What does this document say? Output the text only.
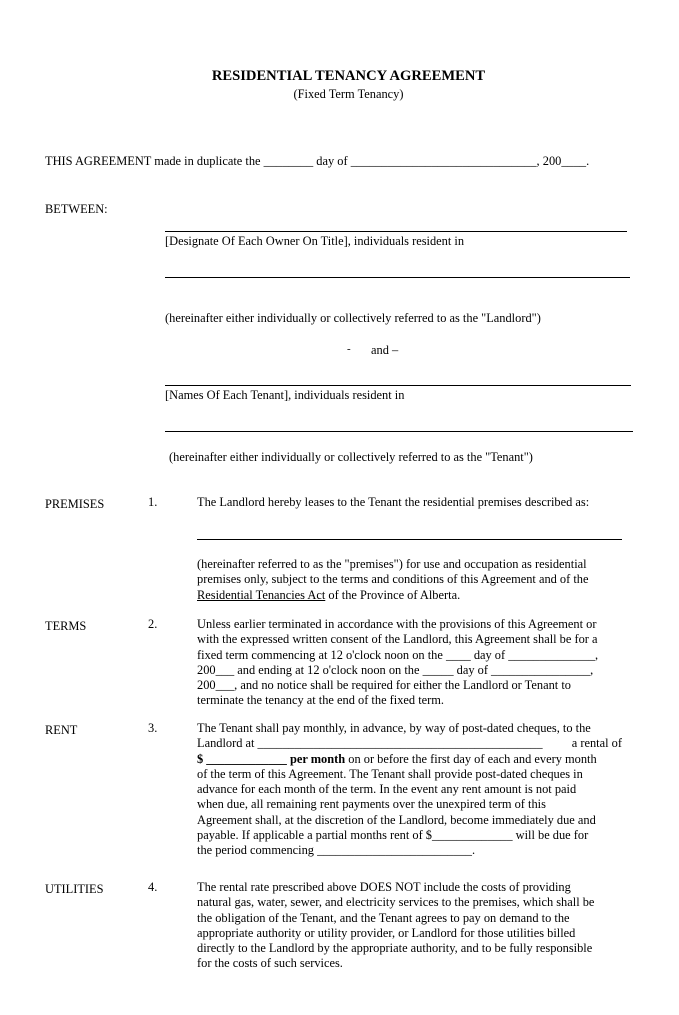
RESIDENTIAL TENANCY AGREEMENT
(Fixed Term Tenancy)
THIS AGREEMENT made in duplicate the ________ day of ______________________________, 200____.
BETWEEN:
[Designate Of Each Owner On Title], individuals resident in
(hereinafter either individually or collectively referred to as the "Landlord")
- and –
[Names Of Each Tenant], individuals resident in
(hereinafter either individually or collectively referred to as the "Tenant")
PREMISES	1.	The Landlord hereby leases to the Tenant the residential premises described as:
(hereinafter referred to as the "premises") for use and occupation as residential
premises only, subject to the terms and conditions of this Agreement and of the
Residential Tenancies Act of the Province of Alberta.
TERMS	2.	Unless earlier terminated in accordance with the provisions of this Agreement or
with the expressed written consent of the Landlord, this Agreement shall be for a
fixed term commencing at 12 o'clock noon on the ____ day of ______________,
200___ and ending at 12 o'clock noon on the _____ day of ________________,
200___, and no notice shall be required for either the Landlord or Tenant to
terminate the tenancy at the end of the fixed term.
RENT	3.	The Tenant shall pay monthly, in advance, by way of post-dated cheques, to the
Landlord at ______________________________________________ a rental of
$ _____________ per month on or before the first day of each and every month
of the term of this Agreement. The Tenant shall provide post-dated cheques in
advance for each month of the term. In the event any rent amount is not paid
when due, all remaining rent payments over the unexpired term of this
Agreement shall, at the discretion of the Landlord, become immediately due and
payable. If applicable a partial months rent of $_____________ will be due for
the period commencing _________________________.
UTILITIES	4.	The rental rate prescribed above DOES NOT include the costs of providing
natural gas, water, sewer, and electricity services to the premises, which shall be
the obligation of the Tenant, and the Tenant agrees to pay on demand to the
appropriate authority or utility provider, or Landlord for those utilities billed
directly to the Landlord by the appropriate authority, and to be fully responsible
for the costs of such services.
